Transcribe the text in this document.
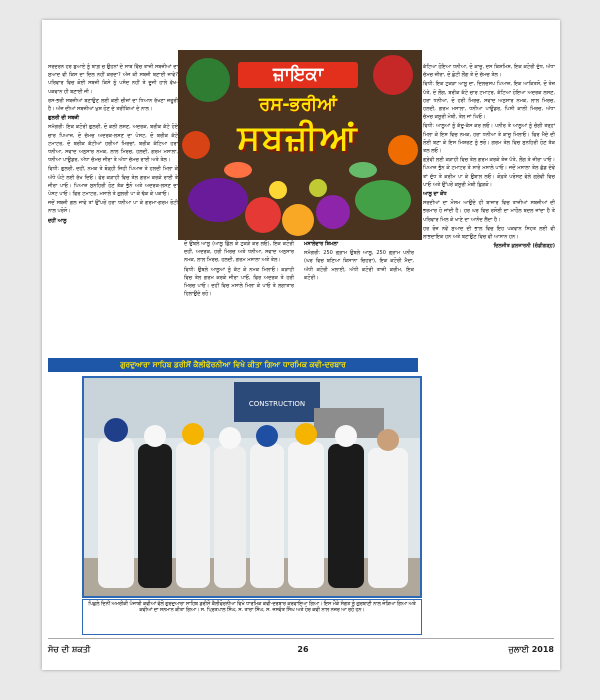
ਸਰਦਰਨ ਹਰ ਬੁਆਏ ਨੂੰ ਬਾਗ਼ ਚ ਉਹਨਾਂ ਦੇ ਸਾਥ ਵਿੱਚ ਤਾਜ਼ੀ ਸਬਜ਼ੀਆਂ ਦਾ ਸੁਆਦ ਵੀ ਕਿਸ ਦਾ ਦਿਲ ਨਹੀਂ ਕਰਦਾ? ਅੱਜ ਕੀ ਸਬਜ਼ੀ ਬਣਾਈ ਜਾਵੇ? ਪਰਿਵਾਰ ਵਿਚ ਕੋਈ ਸਬਜ਼ੀ ਕਿਸੇ ਨੂੰ ਪਸੰਦ ਨਹੀਂ ਤੇ ਦੂਜੀ ਹਾਲੇ ਵੱਖ-ਪਕਵਾਨ ਹੀ ਬਣਾਈ ਜੀ।

ਰਸ-ਭਰੀ ਸਬਜ਼ੀਆਂ ਬਣਾਉਣ ਲਈ ਕਈ ਚੀਜ਼ਾਂ ਦਾ ਧਿਆਨ ਰੱਖਣਾ ਜ਼ਰੂਰੀ ਹੈ। ਅੱਜ ਦੀਆਂ ਸਬਜ਼ੀਆਂ ਖੁਸ਼ ਹੋਣ ਦੇ ਤਰੀਕਿਆਂ ਦੇ ਨਾਲ।

ਗੁਲਰੀ ਦੀ ਸਬਜ਼ੀ

ਸਮੱਗਰੀ: ਇਕ ਕਟੋਰੀ ਗੁਲਰੀ, ਦੋ ਕਲੀ ਲਸਣ, ਅਦਰਕ, ਬਰੀਕ ਕੱਟੇ ਹੋਏ ਚਾਰ ਪਿਆਜ਼, ਦੋ ਚੱਮਚ ਅਦਰਕ-ਲਸਣ ਦਾ ਪੇਸਟ, ਦੋ ਬਰੀਕ ਕੱਟੇ ਟਮਾਟਰ, ਦੋ ਬਰੀਕ ਕੱਟੀਆਂ ਹਰੀਆਂ ਮਿਰਚਾਂ, ਬਰੀਕ ਕੱਟਿਆ ਹਰਾ ਧਨੀਆ, ਸਵਾਦ ਅਨੁਸਾਰ ਨਮਕ, ਲਾਲ ਮਿਰਚ, ਹਲਦੀ, ਗਰਮ ਮਸਾਲਾ, ਧਨੀਆ ਪਾਊਡਰ, ਅੱਧਾ ਚੱਮਚ ਜੀਰਾ ਤੇ ਅੱਧਾ ਚੱਮਚ ਰਾਈ ਅਤੇ ਤੇਲ।

ਵਿਧੀ: ਗੁਲਰੀ, ਦਹੀਂ, ਨਮਕ ਤੇ ਥੋੜ੍ਹੀ ਜਿਹੀ ਪਿਆਜ਼ ਤੇ ਹਲਦੀ ਮਿਲਾ ਕੇ ਅੱਧੇ ਘੰਟੇ ਲਈ ਰੱਖ ਦਿਓ। ਫੇਰ ਕੜਾਹੀ ਵਿਚ ਤੇਲ ਗਰਮ ਕਰਕੇ ਰਾਈ ਤੇ ਜੀਰਾ ਪਾਓ। ਪਿਆਜ਼ ਸੁਨਹਿਰੀ ਹੋਣ ਤੱਕ ਭੁੰਨੋ ਅਤੇ ਅਦਰਕ-ਲਸਣ ਦਾ ਪੇਸਟ ਪਾਓ। ਫਿਰ ਟਮਾਟਰ, ਮਸਾਲੇ ਤੇ ਗੁਲਰੀ ਪਾ ਕੇ ਢੱਕ ਕੇ ਪਕਾਓ।

ਜਦੋਂ ਸਬਜ਼ੀ ਗਲ ਜਾਵੇ ਤਾਂ ਉੱਪਰੋਂ ਹਰਾ ਧਨੀਆ ਪਾ ਕੇ ਗਰਮਾ-ਗਰਮ ਰੋਟੀ ਨਾਲ ਪਰੋਸੋ।

ਦਹੀਂ ਆਲੂ

ਜ਼ਾਇਕਾ
ਰਸ-ਭਰੀਆਂ
ਸਬਜ਼ੀਆਂ

ਦੋ ਉਬਲੇ ਆਲੂ (ਆਲੂ ਛਿੱਲ ਕੇ ਟੁਕੜੇ ਕਰ ਲਓ), ਇਕ ਕਟੋਰੀ ਦਹੀਂ, ਅਦਰਕ, ਹਰੀ ਮਿਰਚ ਅਤੇ ਧਨੀਆ, ਸਵਾਦ ਅਨੁਸਾਰ ਨਮਕ, ਲਾਲ ਮਿਰਚ, ਹਲਦੀ, ਗਰਮ ਮਸਾਲਾ ਅਤੇ ਤੇਲ।

ਵਿਧੀ: ਉਬਲੇ ਆਲੂਆਂ ਨੂੰ ਕੱਟ ਕੇ ਨਮਕ ਮਿਲਾਓ। ਕੜਾਹੀ ਵਿਚ ਤੇਲ ਗਰਮ ਕਰਕੇ ਜੀਰਾ ਪਾਓ, ਫਿਰ ਅਦਰਕ ਤੇ ਹਰੀ ਮਿਰਚ ਪਾਓ। ਦਹੀਂ ਵਿਚ ਮਸਾਲੇ ਮਿਲਾ ਕੇ ਪਾਓ ਤੇ ਲਗਾਤਾਰ ਹਿਲਾਉਂਦੇ ਰਹੋ।

ਮਸਾਲੇਦਾਰ ਸ਼ਿਮਲਾ

ਸਮੱਗਰੀ: 250 ਗ੍ਰਾਮ ਉਬਲੇ ਆਲੂ, 250 ਗ੍ਰਾਮ ਪਨੀਰ (ਘਰ ਵਿਚ ਬਣਿਆ ਕਿਸਾਨਾ ਚਿਹਰਾ), ਇਕ ਕਟੋਰੀ ਮੈਦਾ, ਅੱਧੀ ਕਟੋਰੀ ਮਲਾਈ, ਅੱਧੀ ਕਟੋਰੀ ਤਾਜ਼ੀ ਕਰੀਮ, ਇਕ ਕਟੋਰੀ।

ਕੱਟਿਆ ਹੋਇਆ ਧਨੀਆ, ਦੋ ਕਾਜੂ, ਦਸ ਕਿਸ਼ਮਿਸ਼, ਇਕ ਕਟੋਰੀ ਦੁੱਧ, ਅੱਧਾ ਚੱਮਚ ਜ਼ੀਰਾ, ਦੋ ਛੋਟੀ ਲੌਂਗ ਤੇ ਦੋ ਚੱਮਚ ਤੇਲ।

ਵਿਧੀ: ਇਕ ਟੁਕੜਾ ਆਲੂ ਦਾ, ਦਿਲਚਸਪ ਪਿਆਜ਼, ਇਕ ਆਕਿਤਸੋ, ਦੋ ਤੇਜ਼ ਪੱਤੇ, ਦੋ ਲੌਂਗ, ਬਰੀਕ ਕੱਟੇ ਚਾਰ ਟਮਾਟਰ, ਕੱਟਿਆ ਹੋਇਆ ਅਦਰਕ ਲਸਣ, ਹਰਾ ਧਨੀਆ, ਦੋ ਹਰੀ ਮਿਰਚ, ਸਵਾਦ ਅਨੁਸਾਰ ਨਮਕ, ਲਾਲ ਮਿਰਚ, ਹਲਦੀ, ਗਰਮ ਮਸਾਲਾ, ਧਨੀਆ ਪਾਊਡਰ, ਪਿਸੀ ਕਾਲੀ ਮਿਰਚ, ਅੱਧਾ ਚੱਮਚ ਕਸੂਰੀ ਮੇਥੀ, ਤੇਲ ਜਾਂ ਘਿਓ।

ਵਿਧੀ: ਆਲੂਆਂ ਨੂੰ ਕੱਦੂ-ਕੱਸ ਕਰ ਲਓ। ਪਨੀਰ ਤੇ ਆਲੂਆਂ ਨੂੰ ਚੰਗੀ ਤਰ੍ਹਾਂ ਮਿਲਾ ਕੇ ਇਸ ਵਿਚ ਨਮਕ, ਹਰਾ ਧਨੀਆ ਤੇ ਕਾਜੂ ਮਿਲਾਓ। ਫਿਰ ਮੈਦੇ ਦੀ ਲੋਈ ਬਣਾ ਕੇ ਇਸ ਮਿਸ਼ਰਣ ਨੂੰ ਭਰੋ। ਗਰਮ ਤੇਲ ਵਿਚ ਸੁਨਹਿਰੀ ਹੋਣ ਤੱਕ ਤਲ ਲਓ।

ਗ੍ਰੇਵੀ ਲਈ ਕੜਾਹੀ ਵਿਚ ਤੇਲ ਗਰਮ ਕਰਕੇ ਤੇਜ਼ ਪੱਤੇ, ਲੌਂਗ ਤੇ ਜ਼ੀਰਾ ਪਾਓ। ਪਿਆਜ਼ ਭੁੰਨ ਕੇ ਟਮਾਟਰ ਤੇ ਸਾਰੇ ਮਸਾਲੇ ਪਾਓ। ਜਦੋਂ ਮਸਾਲਾ ਤੇਲ ਛੱਡ ਦੇਵੇ ਤਾਂ ਦੁੱਧ ਤੇ ਕਰੀਮ ਪਾ ਕੇ ਉਬਾਲ ਲਓ। ਕੋਫ਼ਤੇ ਪਰੋਸਣ ਵੇਲੇ ਗ੍ਰੇਵੀ ਵਿਚ ਪਾਓ ਅਤੇ ਉੱਪਰੋਂ ਕਸੂਰੀ ਮੇਥੀ ਛਿੜਕੋ।

ਆਲੂ ਦਾ ਕੋਂਧ

ਸਰਦੀਆਂ ਦਾ ਮੌਸਮ ਆਉਂਦੇ ਹੀ ਬਾਜ਼ਾਰ ਵਿਚ ਤਾਜ਼ੀਆਂ ਸਬਜ਼ੀਆਂ ਦੀ ਭਰਮਾਰ ਹੋ ਜਾਂਦੀ ਹੈ। ਹਰ ਘਰ ਵਿਚ ਰਸੋਈ ਦਾ ਮਾਹੌਲ ਬਦਲ ਜਾਂਦਾ ਹੈ ਤੇ ਪਰਿਵਾਰ ਮਿਲ ਕੇ ਖਾਣੇ ਦਾ ਆਨੰਦ ਲੈਂਦਾ ਹੈ।

ਹਰ ਰੋਜ਼ ਨਵੇਂ ਸੁਆਦ ਦੀ ਭਾਲ ਵਿਚ ਇਹ ਪਕਵਾਨ ਸਿਹਤ ਲਈ ਵੀ ਲਾਭਦਾਇਕ ਹਨ ਅਤੇ ਬਣਾਉਣ ਵਿਚ ਵੀ ਆਸਾਨ ਹਨ।

ਦਿਲਜੀਤ ਕੁਲਜਾਰਨੀ (ਚੰਡੀਗੜ੍ਹ)

ਗੁਰਦੁਆਰਾ ਸਾਹਿਬ ਡਰੀਸੋਂ ਕੈਲੀਫੋਰਨੀਆ ਵਿਖੇ ਕੀਤਾ ਗਿਆ ਧਾਰਮਿਕ ਕਵੀ-ਦਰਬਾਰ
CONSTRUCTION
ਪਿਛਲੇ ਦਿਨੀਂ ਅਮਰੀਕੀ ਪੰਜਾਬੀ ਕਵੀਆਂ ਵੱਲੋਂ ਗੁਰਦੁਆਰਾ ਸਾਹਿਬ ਡਰੀਸੋਂ ਕੈਲੀਫੋਰਨੀਆ ਵਿਖੇ ਧਾਰਮਿਕ ਕਵੀ-ਦਰਬਾਰ ਕਰਵਾਇਆ ਗਿਆ। ਇਸ ਮੌਕੇ ਸੰਗਤ ਨੂੰ ਗੁਰਬਾਣੀ ਨਾਲ ਜੋੜਿਆ ਗਿਆ ਅਤੇ ਕਵੀਆਂ ਦਾ ਸਨਮਾਨ ਕੀਤਾ ਗਿਆ। ਸ. ਪ੍ਰਿਤਪਾਲ ਸਿੰਘ, ਸ. ਤਾਰਾ ਸਿੰਘ, ਸ. ਜਸਵੰਤ ਸਿੰਘ ਅਤੇ ਹੋਰ ਕਵੀ ਨਾਲ ਨਜ਼ਰ ਆ ਰਹੇ ਹਨ।
ਸੋਚ ਦੀ ਸ਼ਕਤੀ	26	ਜੁਲਾਈ 2018
